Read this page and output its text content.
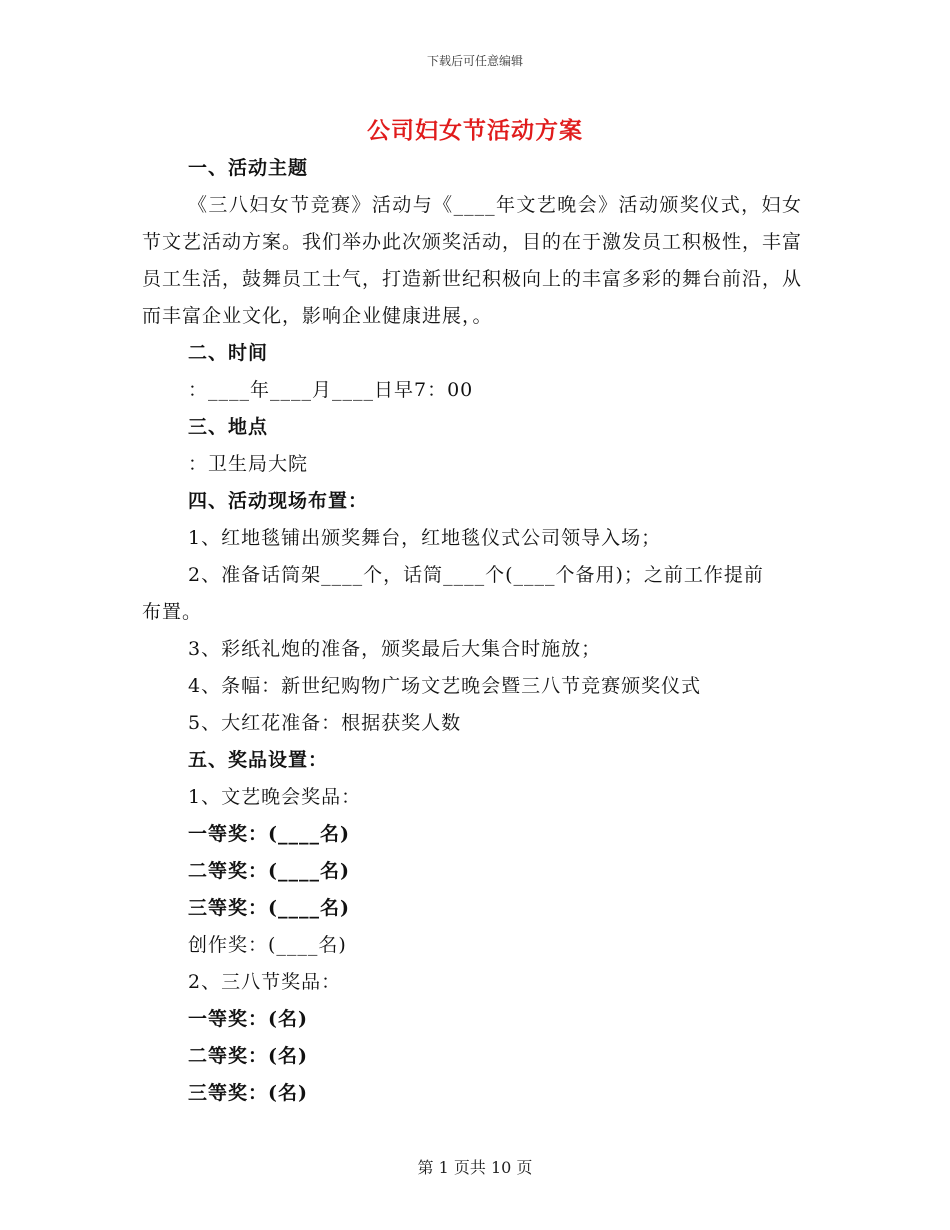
下载后可任意编辑
公司妇女节活动方案

一、活动主题

《三八妇女节竞赛》活动与《____年文艺晚会》活动颁奖仪式，妇女节文艺活动方案。我们举办此次颁奖活动，目的在于激发员工积极性，丰富员工生活，鼓舞员工士气，打造新世纪积极向上的丰富多彩的舞台前沿，从而丰富企业文化，影响企业健康进展，。

二、时间

：____年____月____日早7：00

三、地点

：卫生局大院

四、活动现场布置：

1、红地毯铺出颁奖舞台，红地毯仪式公司领导入场；

2、准备话筒架____个，话筒____个(____个备用)；之前工作提前

布置。

3、彩纸礼炮的准备，颁奖最后大集合时施放；

4、条幅：新世纪购物广场文艺晚会暨三八节竞赛颁奖仪式

5、大红花准备：根据获奖人数

五、奖品设置：

1、文艺晚会奖品：

一等奖：(____名)

二等奖：(____名)

三等奖：(____名)

创作奖：(____名)

2、三八节奖品：

一等奖：(名)

二等奖：(名)

三等奖：(名)

第 1 页共 10 页
